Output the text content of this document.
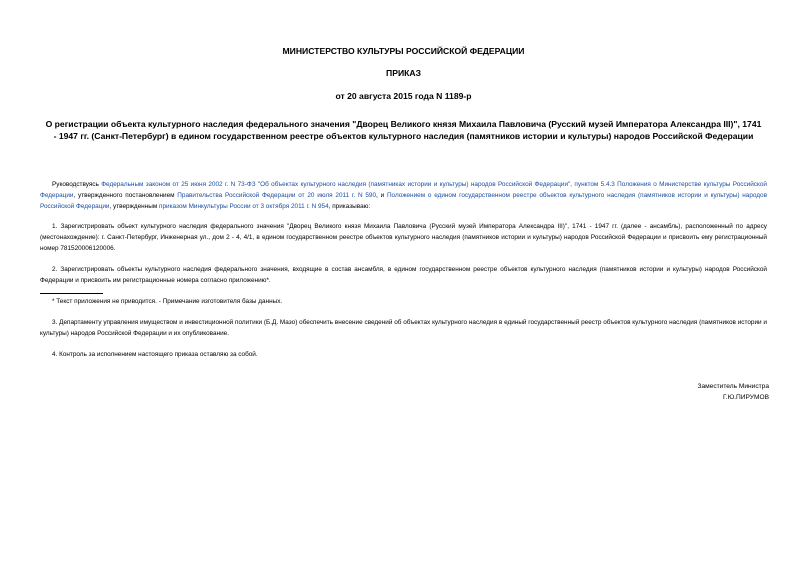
МИНИСТЕРСТВО КУЛЬТУРЫ РОССИЙСКОЙ ФЕДЕРАЦИИ

ПРИКАЗ

от 20 августа 2015 года N 1189-р

О регистрации объекта культурного наследия федерального значения "Дворец Великого князя Михаила Павловича (Русский музей Императора Александра III)", 1741 - 1947 гг. (Санкт-Петербург) в едином государственном реестре объектов культурного наследия (памятников истории и культуры) народов Российской Федерации

Руководствуясь Федеральным законом от 25 июня 2002 г. N 73-ФЗ "Об объектах культурного наследия (памятниках истории и культуры) народов Российской Федерации", пунктом 5.4.3 Положения о Министерстве культуры Российской Федерации, утвержденного постановлением Правительства Российской Федерации от 20 июля 2011 г. N 590, и Положением о едином государственном реестре объектов культурного наследия (памятников истории и культуры) народов Российской Федерации, утвержденным приказом Минкультуры России от 3 октября 2011 г. N 954, приказываю:

1. Зарегистрировать объект культурного наследия федерального значения "Дворец Великого князя Михаила Павловича (Русский музей Императора Александра III)", 1741 - 1947 гг. (далее - ансамбль), расположенный по адресу (местонахождение): г. Санкт-Петербург, Инженерная ул., дом 2 - 4, 4/1, в едином государственном реестре объектов культурного наследия (памятников истории и культуры) народов Российской Федерации и присвоить ему регистрационный номер 781520006120006.

2. Зарегистрировать объекты культурного наследия федерального значения, входящие в состав ансамбля, в едином государственном реестре объектов культурного наследия (памятников истории и культуры) народов Российской Федерации и присвоить им регистрационные номера согласно приложению*.

* Текст приложения не приводится. - Примечание изготовителя базы данных.

3. Департаменту управления имуществом и инвестиционной политики (Б.Д. Мазо) обеспечить внесение сведений об объектах культурного наследия в единый государственный реестр объектов культурного наследия (памятников истории и культуры) народов Российской Федерации и их опубликование.

4. Контроль за исполнением настоящего приказа оставляю за собой.

Заместитель Министра
Г.Ю.ПИРУМОВ
